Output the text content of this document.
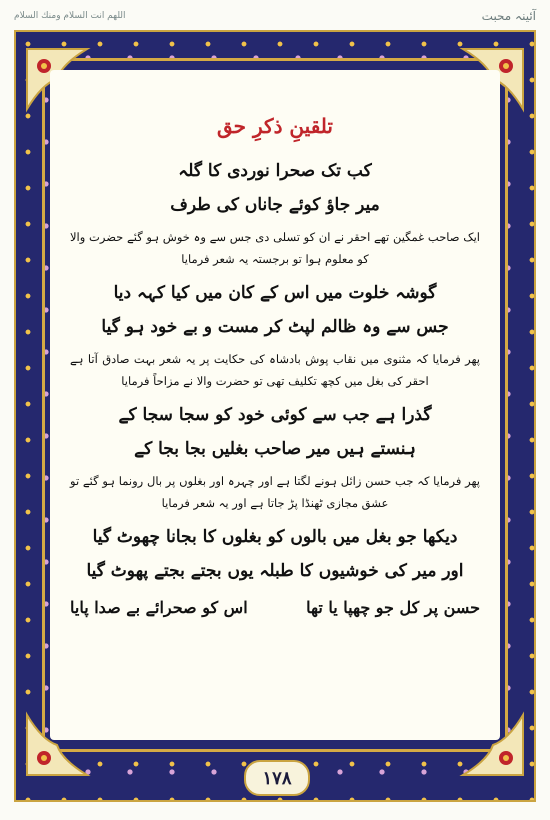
اللهم انت السلام ومنك السلام	آئینہ محبت
تلقینِ ذکرِ حق

کب تک صحرا نوردی کا گلہ

میر جاؤ کوئے جاناں کی طرف

ایک صاحب غمگین تھے احقر نے ان کو تسلی دی جس سے وہ خوش ہو گئے حضرت والا کو معلوم ہوا تو برجستہ یہ شعر فرمایا

گوشہ خلوت میں اس کے کان میں کیا کہہ دیا

جس سے وہ ظالم لپٹ کر مست و بے خود ہو گیا

پھر فرمایا کہ مثنوی میں نقاب پوش بادشاہ کی حکایت پر یہ شعر بہت صادق آتا ہے احقر کی بغل میں کچھ تکلیف تھی تو حضرت والا نے مزاحاً فرمایا

گذرا ہے جب سے کوئی خود کو سجا سجا کے

ہنستے ہیں میر صاحب بغلیں بجا بجا کے

پھر فرمایا کہ جب حسن زائل ہونے لگتا ہے اور چہرہ اور بغلوں پر بال رونما ہو گئے تو عشق مجازی ٹھنڈا پڑ جاتا ہے اور یہ شعر فرمایا

دیکھا جو بغل میں بالوں کو بغلوں کا بجانا چھوٹ گیا

اور میر کی خوشیوں کا طبلہ یوں بجتے بجتے پھوٹ گیا

حسن پر کل جو چھپا یا تھا
اس کو صحرائے بے صدا پایا
۱۷۸
